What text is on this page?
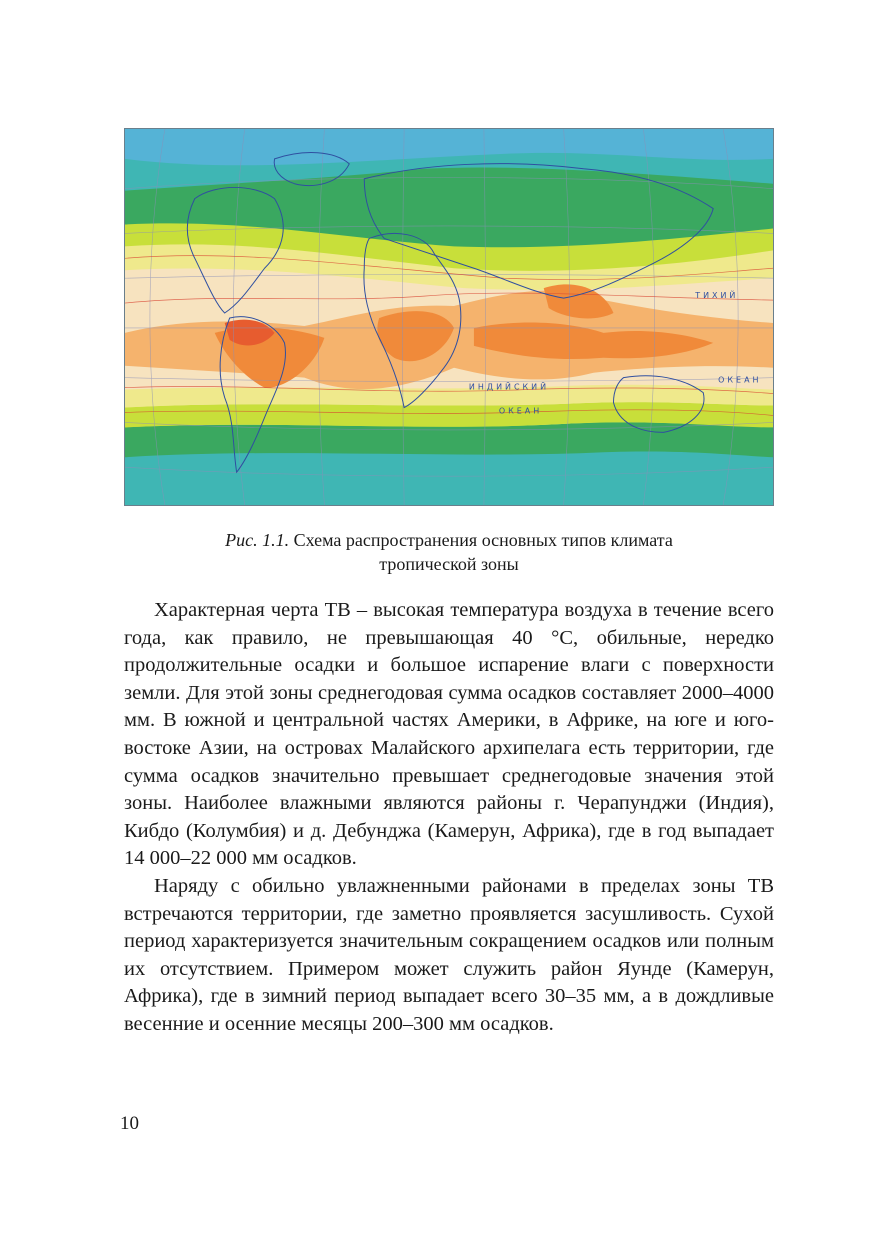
ИНДИЙСКИЙ
ОКЕАН
ТИХИЙ
ОКЕАН
Рис. 1.1. Схема распространения основных типов климата
тропической зоны

Характерная черта ТВ – высокая температура воздуха в течение всего года, как правило, не превышающая 40 °С, обильные, нередко продолжительные осадки и большое испарение влаги с поверхности земли. Для этой зоны среднегодовая сумма осадков составляет 2000–4000 мм. В южной и центральной частях Америки, в Африке, на юге и юго-востоке Азии, на островах Малайского архипелага есть территории, где сумма осадков значительно превышает среднегодовые значения этой зоны. Наиболее влажными являются районы г. Черапунджи (Индия), Кибдо (Колумбия) и д. Дебунджа (Камерун, Африка), где в год выпадает 14 000–22 000 мм осадков.

Наряду с обильно увлажненными районами в пределах зоны ТВ встречаются территории, где заметно проявляется засушливость. Сухой период характеризуется значительным сокращением осадков или полным их отсутствием. Примером может служить район Яунде (Камерун, Африка), где в зимний период выпадает всего 30–35 мм, а в дождливые весенние и осенние месяцы 200–300 мм осадков.

10
